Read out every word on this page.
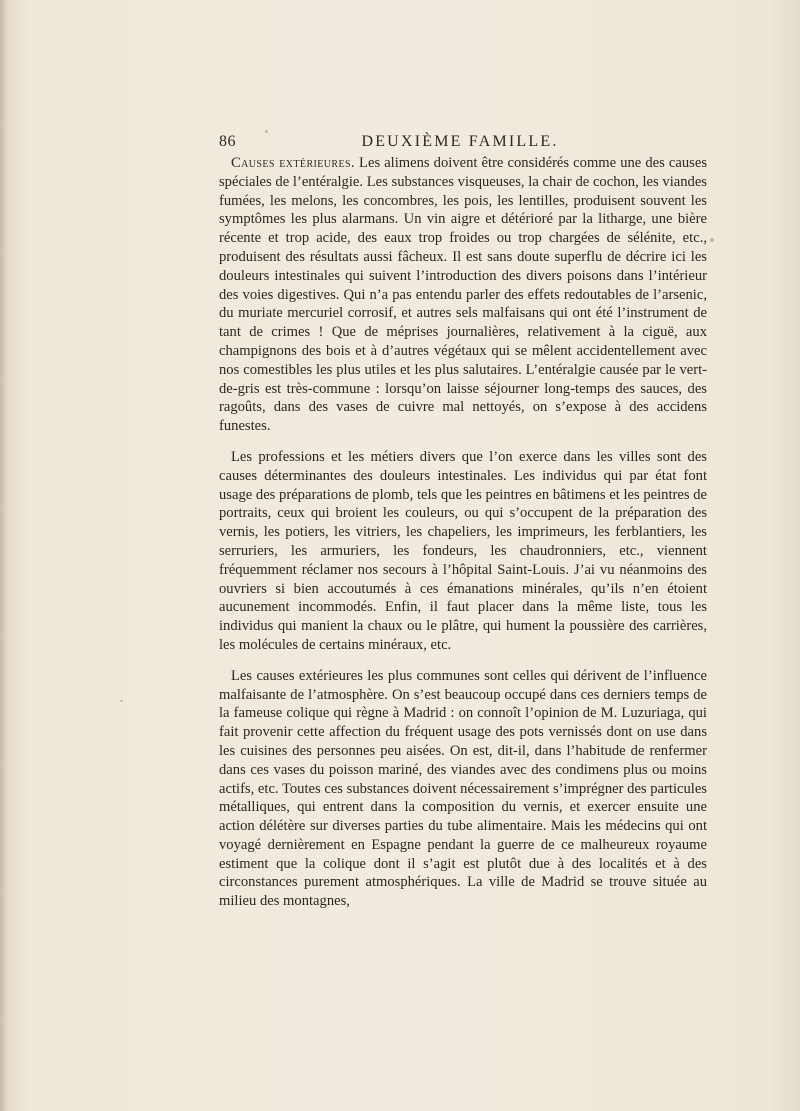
86	DEUXIÈME FAMILLE.

Causes extérieures. Les alimens doivent être considérés comme une des causes spéciales de l’entéralgie. Les substances visqueuses, la chair de cochon, les viandes fumées, les melons, les concombres, les pois, les lentilles, produisent souvent les symptômes les plus alarmans. Un vin aigre et détérioré par la litharge, une bière récente et trop acide, des eaux trop froides ou trop chargées de sélénite, etc., produisent des résultats aussi fâcheux. Il est sans doute superflu de décrire ici les douleurs intestinales qui suivent l’introduction des divers poisons dans l’intérieur des voies digestives. Qui n’a pas entendu parler des effets redoutables de l’arsenic, du muriate mercuriel corrosif, et autres sels malfaisans qui ont été l’instrument de tant de crimes ! Que de méprises journalières, relativement à la ciguë, aux champignons des bois et à d’autres végétaux qui se mêlent accidentellement avec nos comestibles les plus utiles et les plus salutaires. L’entéralgie causée par le vert-de-gris est très-commune : lorsqu’on laisse séjourner long-temps des sauces, des ragoûts, dans des vases de cuivre mal nettoyés, on s’expose à des accidens funestes.

Les professions et les métiers divers que l’on exerce dans les villes sont des causes déterminantes des douleurs intestinales. Les individus qui par état font usage des préparations de plomb, tels que les peintres en bâtimens et les peintres de portraits, ceux qui broient les couleurs, ou qui s’occupent de la préparation des vernis, les potiers, les vitriers, les chapeliers, les imprimeurs, les ferblantiers, les serruriers, les armuriers, les fondeurs, les chaudronniers, etc., viennent fréquemment réclamer nos secours à l’hôpital Saint-Louis. J’ai vu néanmoins des ouvriers si bien accoutumés à ces émanations minérales, qu’ils n’en étoient aucunement incommodés. Enfin, il faut placer dans la même liste, tous les individus qui manient la chaux ou le plâtre, qui hument la poussière des carrières, les molécules de certains minéraux, etc.

Les causes extérieures les plus communes sont celles qui dérivent de l’influence malfaisante de l’atmosphère. On s’est beaucoup occupé dans ces derniers temps de la fameuse colique qui règne à Madrid : on connoît l’opinion de M. Luzuriaga, qui fait provenir cette affection du fréquent usage des pots vernissés dont on use dans les cuisines des personnes peu aisées. On est, dit-il, dans l’habitude de renfermer dans ces vases du poisson mariné, des viandes avec des condimens plus ou moins actifs, etc. Toutes ces substances doivent nécessairement s’imprégner des particules métalliques, qui entrent dans la composition du vernis, et exercer ensuite une action délétère sur diverses parties du tube alimentaire. Mais les médecins qui ont voyagé dernièrement en Espagne pendant la guerre de ce malheureux royaume estiment que la colique dont il s’agit est plutôt due à des localités et à des circonstances purement atmosphériques. La ville de Madrid se trouve située au milieu des montagnes,
